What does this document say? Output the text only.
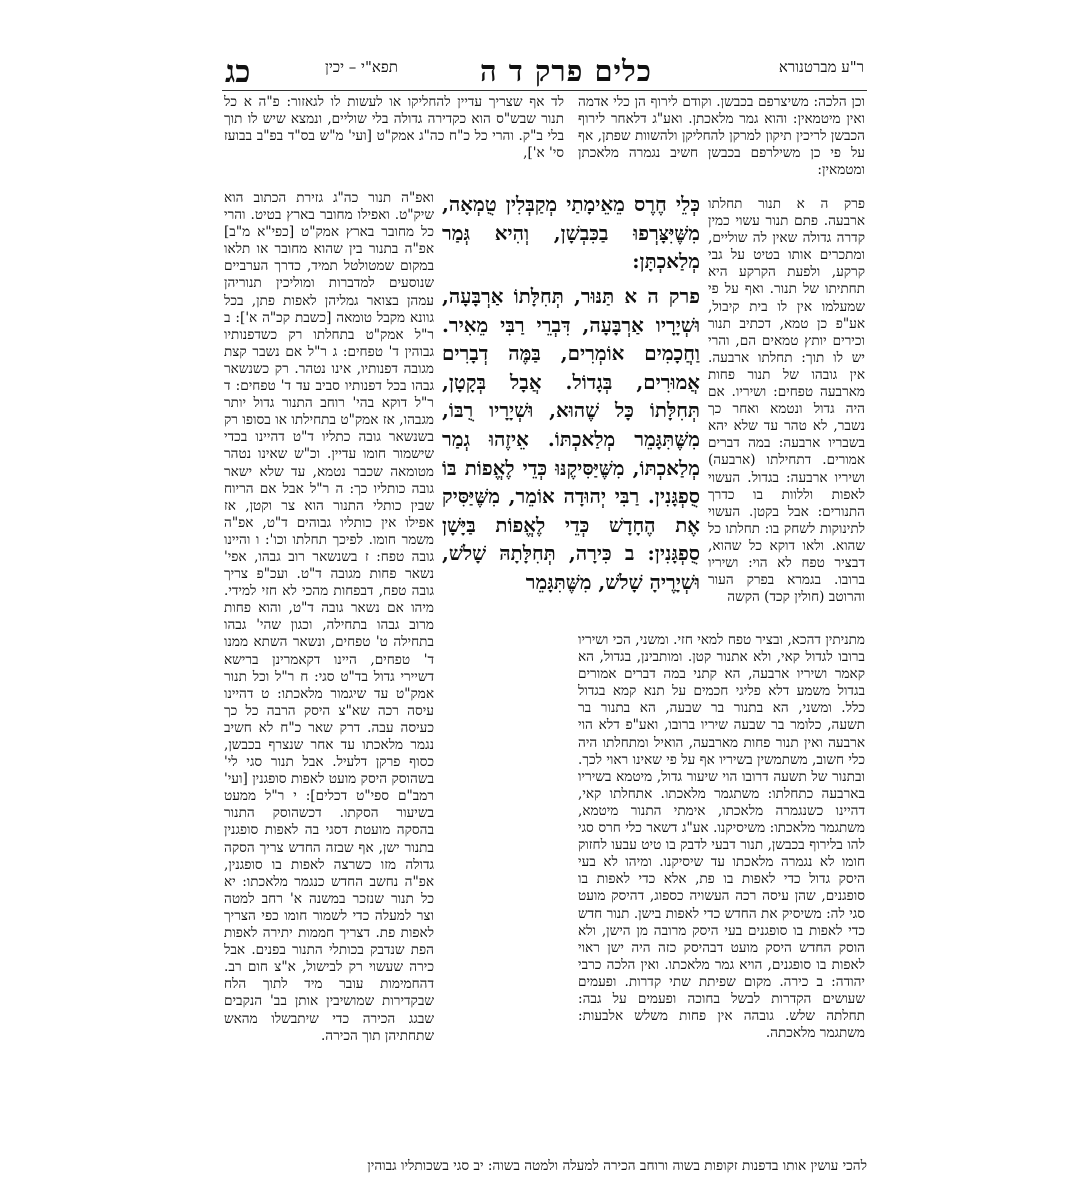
כג	תפא"י – יכין	כלים פרק ד ה	ר"ע מברטנורא

וכן הלכה: משיצרפם בכבשן. וקודם לירוף הן כלי אדמה ואין מיטמאין: והוא גמר מלאכתן. ואע"ג דלאחר לירוף הכבשן לריכין תיקון למרקן להחליקן ולהשוות שפתן, אף על פי כן משילרפם בכבשן חשיב נגמרה מלאכתן ומטמאין:

פרק ה א תנור תחלתו ארבעה. פתם תנור עשוי כמין קדרה גדולה שאין לה שוליים, ומתכרים אותו בטיט על גבי קרקע, ולפעת הקרקע היא תחתיתו של תנור. ואף על פי שמעלמו אין לו בית קיבול, אע"פ כן טמא, דכתיב תנור וכירים יותץ טמאים הם, והרי יש לו תוך: תחלתו ארבעה. אין גובהו של תנור פחות מארבעה טפחים: ושיריו. אם היה גדול ונטמא ואחר כך נשבר, לא טהר עד שלא יהא בשבריו ארבעה: במה דברים אמורים. דתחילתו (ארבעה) ושיריו ארבעה: בגדול. העשוי לאפות וללוות בו כדרך התנורים: אבל בקטן. העשוי לתינוקות לשחק בו: תחלתו כל שהוא. ולאו דוקא כל שהוא, דבציר טפח לא הוי: ושיריו ברובו. בגמרא בפרק העור והרוטב (חולין קכד) הקשה

מתניתין דהכא, ובציר טפח למאי חזי. ומשני, הכי ושיריו ברובו לגדול קאי, ולא אתנור קטן. ומותבינן, בגדול, הא קאמר ושיריו ארבעה, הא קתני במה דברים אמורים בגדול משמע דלא פליגי חכמים על תנא קמא בגדול כלל. ומשני, הא בתנור בר שבעה, הא בתנור בר תשעה, כלומר בר שבעה שיריו ברובו, ואע"פ דלא הוי ארבעה ואין תנור פחות מארבעה, הואיל ומתחלתו היה כלי חשוב, משתמשין בשיריו אף על פי שאינו ראוי לכך. ובתנור של תשעה דרובו הוי שיעור גדול, מיטמא בשיריו בארבעה כתחלתו: משתגמר מלאכתו. אתחלתו קאי, דהיינו כשנגמרה מלאכתו, אימתי התנור מיטמא, משתגמר מלאכתו: משיסיקנו. אע"ג דשאר כלי חרס סגי להו בלירוף בכבשן, תנור דבעי לדבק בו טיט עבעו לחזוק חומו לא נגמרה מלאכתו עד שיסיקנו. ומיהו לא בעי היסק גדול כדי לאפות בו פת, אלא כדי לאפות בו סופגנים, שהן עיסה רכה העשויה כספוג, דהיסק מועט סגי לה: משיסיק את החדש כדי לאפות בישן. תנור חדש כדי לאפות בו סופגנים בעי היסק מרובה מן הישן, ולא הוסק החדש היסק מועט דבהיסק כזה היה ישן ראוי לאפות בו סופגנים, הויא גמר מלאכתו. ואין הלכה כרבי יהודה: ב כירה. מקום שפיתת שתי קדרות. ופעמים שעושים הקדרות לבשל בחוכה ופעמים על גבה: תחלתה שלש. גובהה אין פחות משלש אלבעות: משתגמר מלאכתה.

כְּלֵי חֶרֶס מֵאֵימָתַי מְקַבְּלִין טֻמְאָה, מִשֶּׁיִּצָּרְפוּ בַכִּבְשָׁן, וְהִיא גְּמַר מְלַאכְתָּן:

פרק ה א תַּנּוּר, תְּחִלָּתוֹ אַרְבָּעָה, וּשְׁיָרָיו אַרְבָּעָה, דִּבְרֵי רַבִּי מֵאִיר. וַחֲכָמִים אוֹמְרִים, בַּמֶּה דְבָרִים אֲמוּרִים, בְּגָדוֹל. אֲבָל בְּקָטָן, תְּחִלָּתוֹ כָּל שֶׁהוּא, וּשְׁיָרָיו רֻבּוֹ, מִשֶּׁתִּגָּמֵר מְלַאכְתּוֹ. אֵיזֶהוּ גְמַר מְלַאכְתּוֹ, מִשֶּׁיַּסִּיקֶנּוּ כְּדֵי לֶאֱפוֹת בּוֹ סֻפְגָּנִין. רַבִּי יְהוּדָה אוֹמֵר, מִשֶּׁיַּסִּיק אֶת הֶחָדָשׁ כְּדֵי לֶאֱפוֹת בַּיָּשָׁן סֻפְגָּנִין: ב כִּירָה, תְּחִלָּתָהּ שָׁלשׁ, וּשְׁיָרֶיהָ שָׁלשׁ, מִשֶּׁתִּגָּמֵר

לד אף שצריך עדיין להחליקו או לעשות לו לגאזור: פ"ה א כל תנור שבש"ס הוא כקדירה גדולה בלי שוליים, ונמצא שיש לו תוך בלי ב"ק. והרי כל כ"ח כה"ג אמק"ט [ועי' מ"ש בס"ד בפ"ב בבועז סי' א'],

ואפ"ה תנור כה"ג גזירת הכתוב הוא שיק"ט. ואפילו מחובר בארץ בטיט. והרי כל מחובר בארץ אמק"ט [כפי"א מ"ב] אפ"ה בתנור בין שהוא מחובר או תלאו במקום שמטולטל תמיד, כדרך הערביים שנוסעים למדברות ומוליכין תנוריהן עמהן בצואר גמליהן לאפות פתן, בכל גוונא מקבל טומאה [כשבת קכ"ה א']: ב ר"ל אמק"ט בתחלתו רק כשדפנותיו גבוהין ד' טפחים: ג ר"ל אם נשבר קצת מגובה דפנותיו, אינו נטהר. רק כשנשאר גבהו בכל דפנותיו סביב עד ד' טפחים: ד ר"ל דוקא בהי' רוחב התנור גדול יותר מגבהו, אז אמק"ט בתחילתו או בסופו רק בשנשאר גובה כתליו ד"ט דהיינו בכדי שישמור חומו עדיין. וכ"ש שאינו נטהר מטומאה שכבר נטמא, עד שלא ישאר גובה כותליו כך: ה ר"ל אבל אם הריוח שבין כותלי התנור הוא צר וקטן, אז אפילו אין כותליו גבוהים ד"ט, אפ"ה משמר חומו. לפיכך תחלתו וכו': ו והיינו גובה טפח: ז בשנשאר רוב גבהו, אפי' נשאר פחות מגובה ד"ט. ועכ"פ צריך גובה טפח, דבפחות מהכי לא חזי למידי. מיהו אם נשאר גובה ד"ט, והוא פחות מרוב גבהו בתחילה, וכגון שהי' גבהו בתחילה ט' טפחים, ונשאר השתא ממנו ד' טפחים, היינו דקאמרינן ברישא דשיירי גדול בד"ט סגי: ח ר"ל וכל תנור אמק"ט עד שיגמור מלאכתו: ט דהיינו עיסה רכה שא"צ היסק הרבה כל כך כעיסה עבה. דרק שאר כ"ח לא חשיב נגמר מלאכתו עד אחר שנצרף בכבשן, כסוף פרקן דלעיל. אבל תנור סגי לי' בשהוסק היסק מועט לאפות סופגנין [ועי' רמב"ם ספי"ט דכלים]: י ר"ל ממעט בשיעור הסקתו. דכשהוסק התנור בהסקה מועטת דסגי בה לאפות סופגנין בתנור ישן, אף שבזה החדש צריך הסקה גדולה מזו כשרצה לאפות בו סופגנין, אפ"ה נחשב החדש כנגמר מלאכתו: יא כל תנור שנזכר במשנה א' רחב למטה וצר למעלה כדי לשמור חומו כפי הצריך לאפות פת. דצריך חממות יתירה לאפות הפת שנדבק בכותלי התנור בפנים. אבל כירה שעשוי רק לבישול, א"צ חום רב. דהחמימות עובר מיד לתוך הלח שבקדירות שמושיבין אותן בב' הנקבים שבגג הכירה כדי שיתבשלו מהאש שתחתיהן תוך הכירה.

להכי עושין אותו בדפנות זקופות בשוה ורוחב הכירה למעלה ולמטה בשוה: יב סגי בשכותליו גבוהין
